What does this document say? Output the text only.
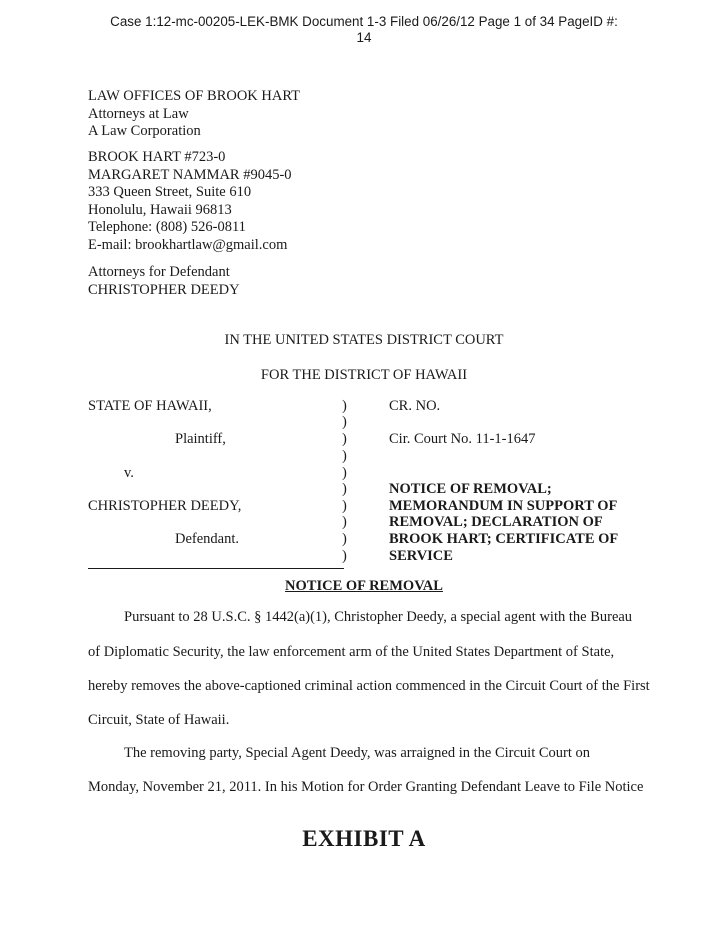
Case 1:12-mc-00205-LEK-BMK Document 1-3 Filed 06/26/12 Page 1 of 34 PageID #:
14
LAW OFFICES OF BROOK HART
Attorneys at Law
A Law Corporation
BROOK HART #723-0
MARGARET NAMMAR #9045-0
333 Queen Street, Suite 610
Honolulu, Hawaii 96813
Telephone: (808) 526-0811
E-mail: brookhartlaw@gmail.com
Attorneys for Defendant
CHRISTOPHER DEEDY
IN THE UNITED STATES DISTRICT COURT
FOR THE DISTRICT OF HAWAII
STATE OF HAWAII,
Plaintiff,
v.
CHRISTOPHER DEEDY,
Defendant.
)
)
)
)
)
)
)
)
)
)
CR. NO.
Cir. Court No. 11-1-1647
NOTICE OF REMOVAL;
MEMORANDUM IN SUPPORT OF
REMOVAL; DECLARATION OF
BROOK HART; CERTIFICATE OF
SERVICE
NOTICE OF REMOVAL
Pursuant to 28 U.S.C. § 1442(a)(1), Christopher Deedy, a special agent with the Bureau
of Diplomatic Security, the law enforcement arm of the United States Department of State,
hereby removes the above-captioned criminal action commenced in the Circuit Court of the First
Circuit, State of Hawaii.
The removing party, Special Agent Deedy, was arraigned in the Circuit Court on
Monday, November 21, 2011. In his Motion for Order Granting Defendant Leave to File Notice
EXHIBIT A
